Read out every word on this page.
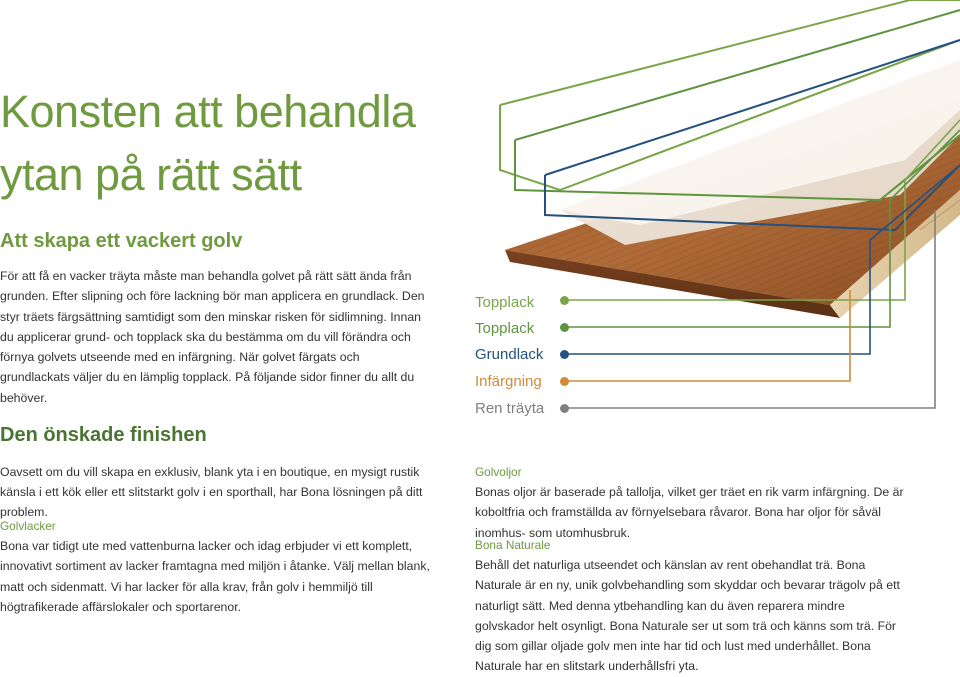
Konsten att behandla
ytan på rätt sätt
Att skapa ett vackert golv

För att få en vacker träyta måste man behandla golvet på rätt sätt ända från grunden. Efter slipning och före lackning bör man applicera en grundlack. Den styr träets färgsättning samtidigt som den minskar risken för sidlimning. Innan du applicerar grund- och topplack ska du bestämma om du vill förändra och förnya golvets utseende med en infärgning. När golvet färgats och grundlackats väljer du en lämplig topplack. På följande sidor finner du allt du behöver.

Den önskade finishen

Oavsett om du vill skapa en exklusiv, blank yta i en boutique, en mysigt rustik känsla i ett kök eller ett slitstarkt golv i en sporthall, har Bona lösningen på ditt problem.

Golvlacker
Bona var tidigt ute med vattenburna lacker och idag erbjuder vi ett komplett, innovativt sortiment av lacker framtagna med miljön i åtanke. Välj mellan blank, matt och sidenmatt. Vi har lacker för alla krav, från golv i hemmiljö till högtrafikerade affärslokaler och sportarenor.
Golvoljor
Bonas oljor är baserade på tallolja, vilket ger träet en rik varm infärgning. De är koboltfria och framställda av förnyelsebara råvaror. Bona har oljor för såväl inomhus- som utomhusbruk.
Bona Naturale
Behåll det naturliga utseendet och känslan av rent obehandlat trä. Bona Naturale är en ny, unik golvbehandling som skyddar och bevarar trägolv på ett naturligt sätt. Med denna ytbehandling kan du även reparera mindre golvskador helt osynligt. Bona Naturale ser ut som trä och känns som trä. För dig som gillar oljade golv men inte har tid och lust med underhållet. Bona Naturale har en slitstark underhållsfri yta.
Topplack
Topplack
Grundlack
Infärgning
Ren träyta
